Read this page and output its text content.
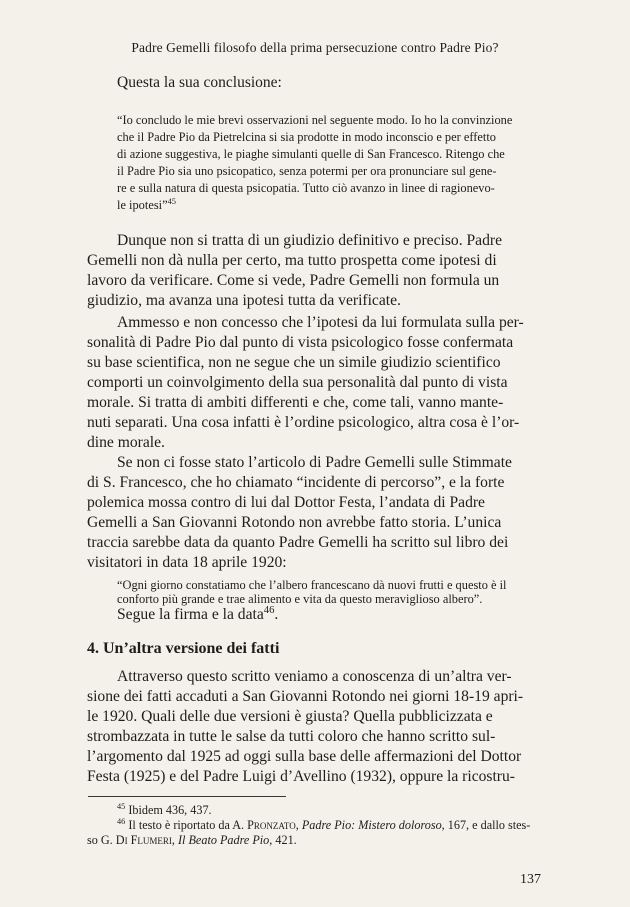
Padre Gemelli filosofo della prima persecuzione contro Padre Pio?
Questa la sua conclusione:
“Io concludo le mie brevi osservazioni nel seguente modo. Io ho la convinzione
che il Padre Pio da Pietrelcina si sia prodotte in modo inconscio e per effetto
di azione suggestiva, le piaghe simulanti quelle di San Francesco. Ritengo che
il Padre Pio sia uno psicopatico, senza potermi per ora pronunciare sul gene-
re e sulla natura di questa psicopatia. Tutto ciò avanzo in linee di ragionevo-
le ipotesi”$^{45}$
Dunque non si tratta di un giudizio definitivo e preciso. Padre
Gemelli non dà nulla per certo, ma tutto prospetta come ipotesi di
lavoro da verificare. Come si vede, Padre Gemelli non formula un
giudizio, ma avanza una ipotesi tutta da verificate.
Ammesso e non concesso che l’ipotesi da lui formulata sulla per-
sonalità di Padre Pio dal punto di vista psicologico fosse confermata
su base scientifica, non ne segue che un simile giudizio scientifico
comporti un coinvolgimento della sua personalità dal punto di vista
morale. Si tratta di ambiti differenti e che, come tali, vanno mante-
nuti separati. Una cosa infatti è l’ordine psicologico, altra cosa è l’or-
dine morale.
Se non ci fosse stato l’articolo di Padre Gemelli sulle Stimmate
di S. Francesco, che ho chiamato “incidente di percorso”, e la forte
polemica mossa contro di lui dal Dottor Festa, l’andata di Padre
Gemelli a San Giovanni Rotondo non avrebbe fatto storia. L’unica
traccia sarebbe data da quanto Padre Gemelli ha scritto sul libro dei
visitatori in data 18 aprile 1920:
4. Un’altra versione dei fatti
Attraverso questo scritto veniamo a conoscenza di un’altra ver-
sione dei fatti accaduti a San Giovanni Rotondo nei giorni 18-19 apri-
le 1920. Quali delle due versioni è giusta? Quella pubblicizzata e
strombazzata in tutte le salse da tutti coloro che hanno scritto sul-
l’argomento dal 1925 ad oggi sulla base delle affermazioni del Dottor
Festa (1925) e del Padre Luigi d’Avellino (1932), oppure la ricostru-
$^{45}$ Ibidem 436, 437.
$^{46}$ Il testo è riportato da A. Pronzato, Padre Pio: Mistero doloroso, 167, e dallo stes-
so G. Di Flumeri, Il Beato Padre Pio, 421.
137
“Ogni giorno constatiamo che l’albero francescano dà nuovi frutti e questo è il
conforto più grande e trae alimento e vita da questo meraviglioso albero”.
Segue la firma e la data$^{46}$.
